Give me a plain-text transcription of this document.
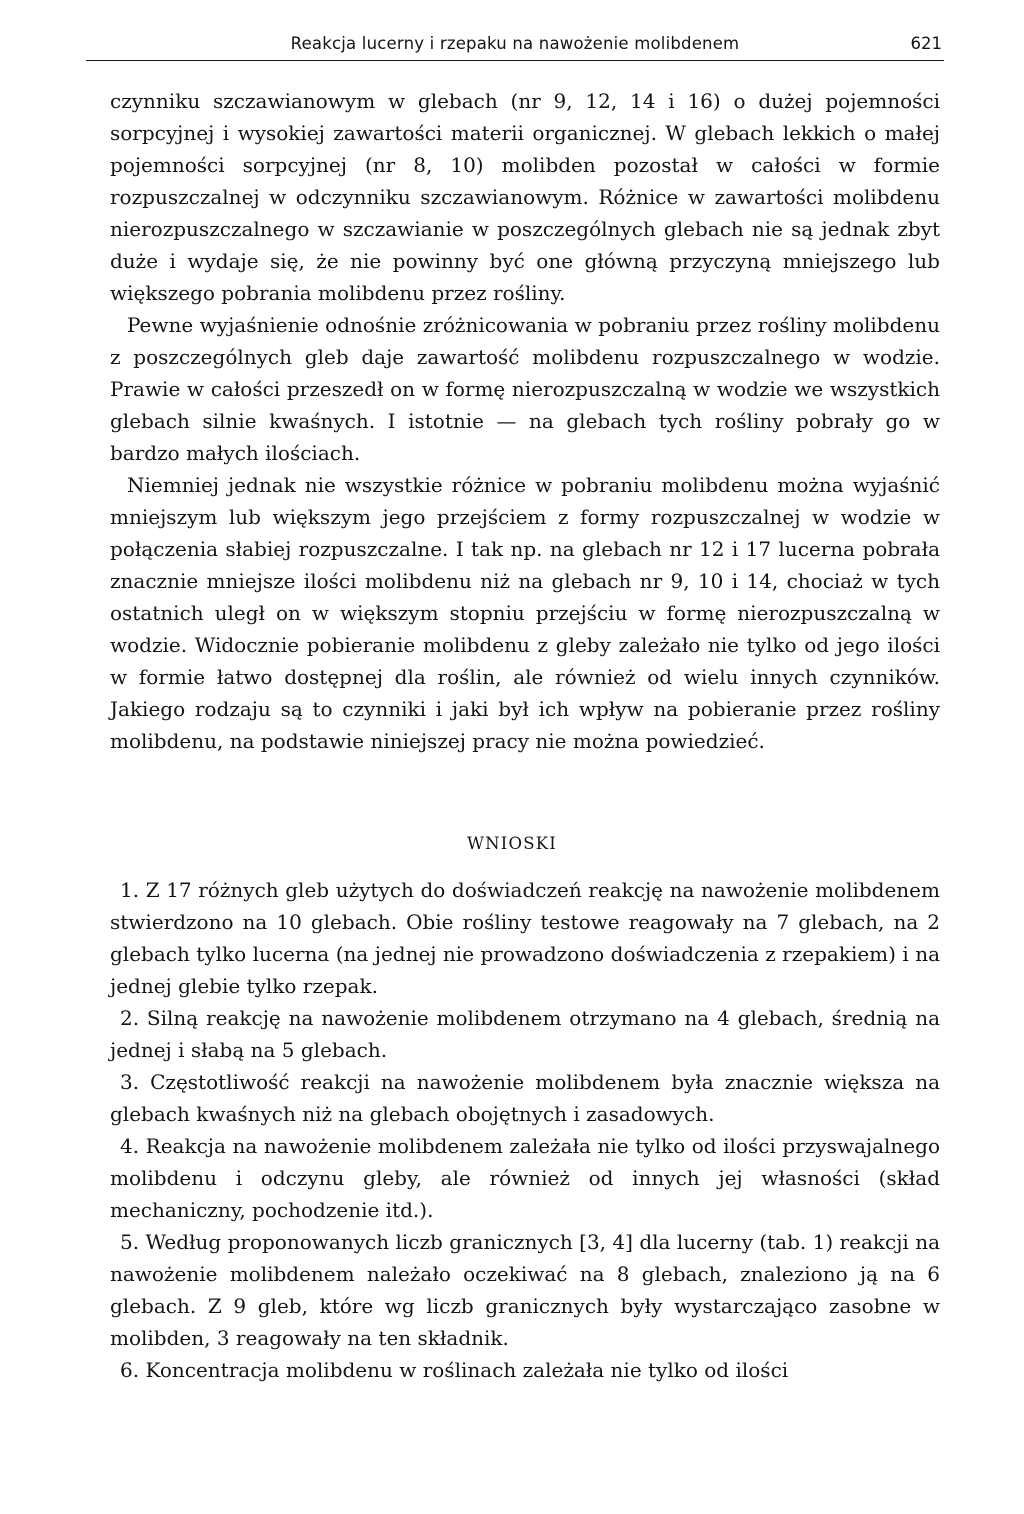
Reakcja lucerny i rzepaku na nawożenie molibdenem	621

czynniku szczawianowym w glebach (nr 9, 12, 14 i 16) o dużej pojemności sorpcyjnej i wysokiej zawartości materii organicznej. W glebach lekkich o małej pojemności sorpcyjnej (nr 8, 10) molibden pozostał w całości w formie rozpuszczalnej w odczynniku szczawianowym. Różnice w zawartości molibdenu nierozpuszczalnego w szczawianie w poszczególnych glebach nie są jednak zbyt duże i wydaje się, że nie powinny być one główną przyczyną mniejszego lub większego pobrania molibdenu przez rośliny.

Pewne wyjaśnienie odnośnie zróżnicowania w pobraniu przez rośliny molibdenu z poszczególnych gleb daje zawartość molibdenu rozpuszczalnego w wodzie. Prawie w całości przeszedł on w formę nierozpuszczalną w wodzie we wszystkich glebach silnie kwaśnych. I istotnie — na glebach tych rośliny pobrały go w bardzo małych ilościach.

Niemniej jednak nie wszystkie różnice w pobraniu molibdenu można wyjaśnić mniejszym lub większym jego przejściem z formy rozpuszczalnej w wodzie w połączenia słabiej rozpuszczalne. I tak np. na glebach nr 12 i 17 lucerna pobrała znacznie mniejsze ilości molibdenu niż na glebach nr 9, 10 i 14, chociaż w tych ostatnich uległ on w większym stopniu przejściu w formę nierozpuszczalną w wodzie. Widocznie pobieranie molibdenu z gleby zależało nie tylko od jego ilości w formie łatwo dostępnej dla roślin, ale również od wielu innych czynników. Jakiego rodzaju są to czynniki i jaki był ich wpływ na pobieranie przez rośliny molibdenu, na podstawie niniejszej pracy nie można powiedzieć.

WNIOSKI

1. Z 17 różnych gleb użytych do doświadczeń reakcję na nawożenie molibdenem stwierdzono na 10 glebach. Obie rośliny testowe reagowały na 7 glebach, na 2 glebach tylko lucerna (na jednej nie prowadzono doświadczenia z rzepakiem) i na jednej glebie tylko rzepak.

2. Silną reakcję na nawożenie molibdenem otrzymano na 4 glebach, średnią na jednej i słabą na 5 glebach.

3. Częstotliwość reakcji na nawożenie molibdenem była znacznie większa na glebach kwaśnych niż na glebach obojętnych i zasadowych.

4. Reakcja na nawożenie molibdenem zależała nie tylko od ilości przyswajalnego molibdenu i odczynu gleby, ale również od innych jej własności (skład mechaniczny, pochodzenie itd.).

5. Według proponowanych liczb granicznych [3, 4] dla lucerny (tab. 1) reakcji na nawożenie molibdenem należało oczekiwać na 8 glebach, znaleziono ją na 6 glebach. Z 9 gleb, które wg liczb granicznych były wystarczająco zasobne w molibden, 3 reagowały na ten składnik.

6. Koncentracja molibdenu w roślinach zależała nie tylko od ilości
